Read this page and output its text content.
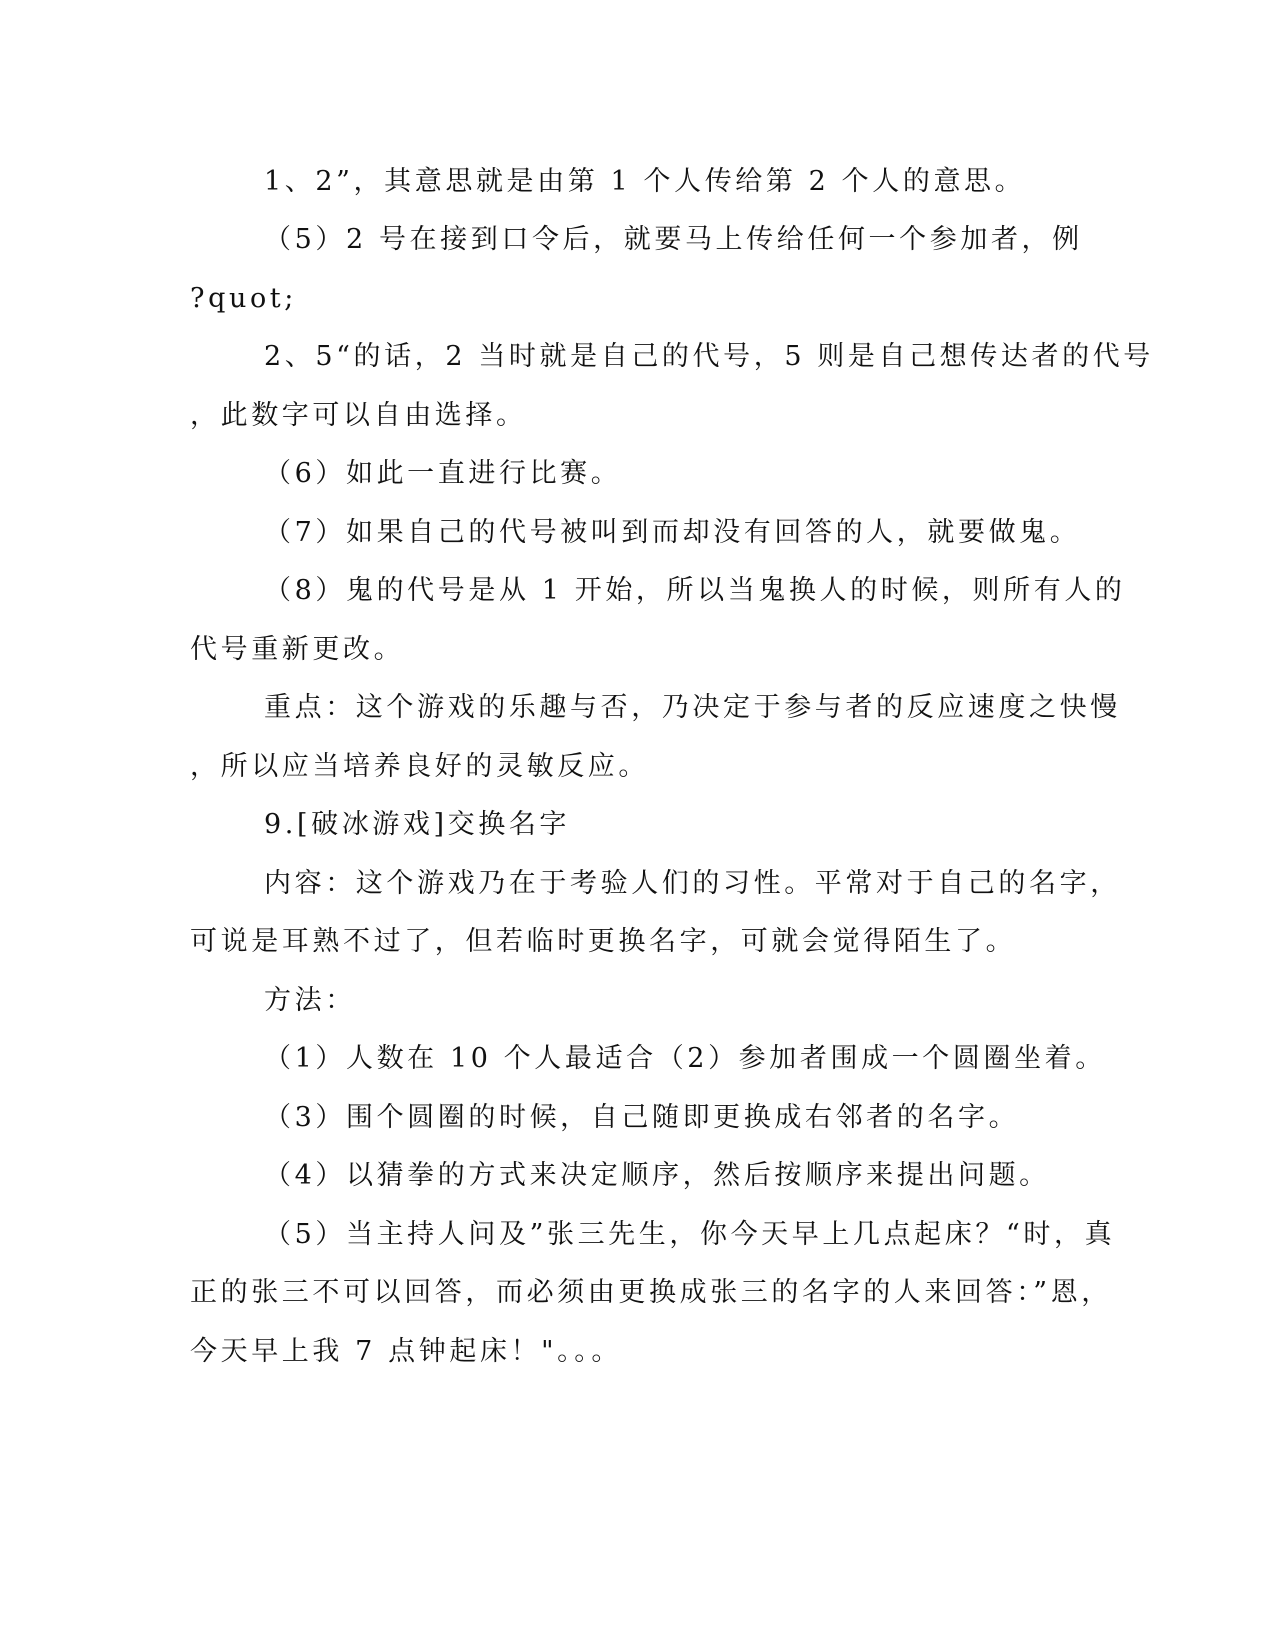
1、2”，其意思就是由第 1 个人传给第 2 个人的意思。
（5）2 号在接到口令后，就要马上传给任何一个参加者，例
?quot;
2、5“的话，2 当时就是自己的代号，5 则是自己想传达者的代号
，此数字可以自由选择。
（6）如此一直进行比赛。
（7）如果自己的代号被叫到而却没有回答的人，就要做鬼。
（8）鬼的代号是从 1 开始，所以当鬼换人的时候，则所有人的
代号重新更改。
重点：这个游戏的乐趣与否，乃决定于参与者的反应速度之快慢
，所以应当培养良好的灵敏反应。
9.[破冰游戏]交换名字
内容：这个游戏乃在于考验人们的习性。平常对于自己的名字，
可说是耳熟不过了，但若临时更换名字，可就会觉得陌生了。
方法：
（1）人数在 10 个人最适合（2）参加者围成一个圆圈坐着。
（3）围个圆圈的时候，自己随即更换成右邻者的名字。
（4）以猜拳的方式来决定顺序，然后按顺序来提出问题。
（5）当主持人问及”张三先生，你今天早上几点起床？“时，真
正的张三不可以回答，而必须由更换成张三的名字的人来回答：”恩，
今天早上我 7 点钟起床！"。。。
